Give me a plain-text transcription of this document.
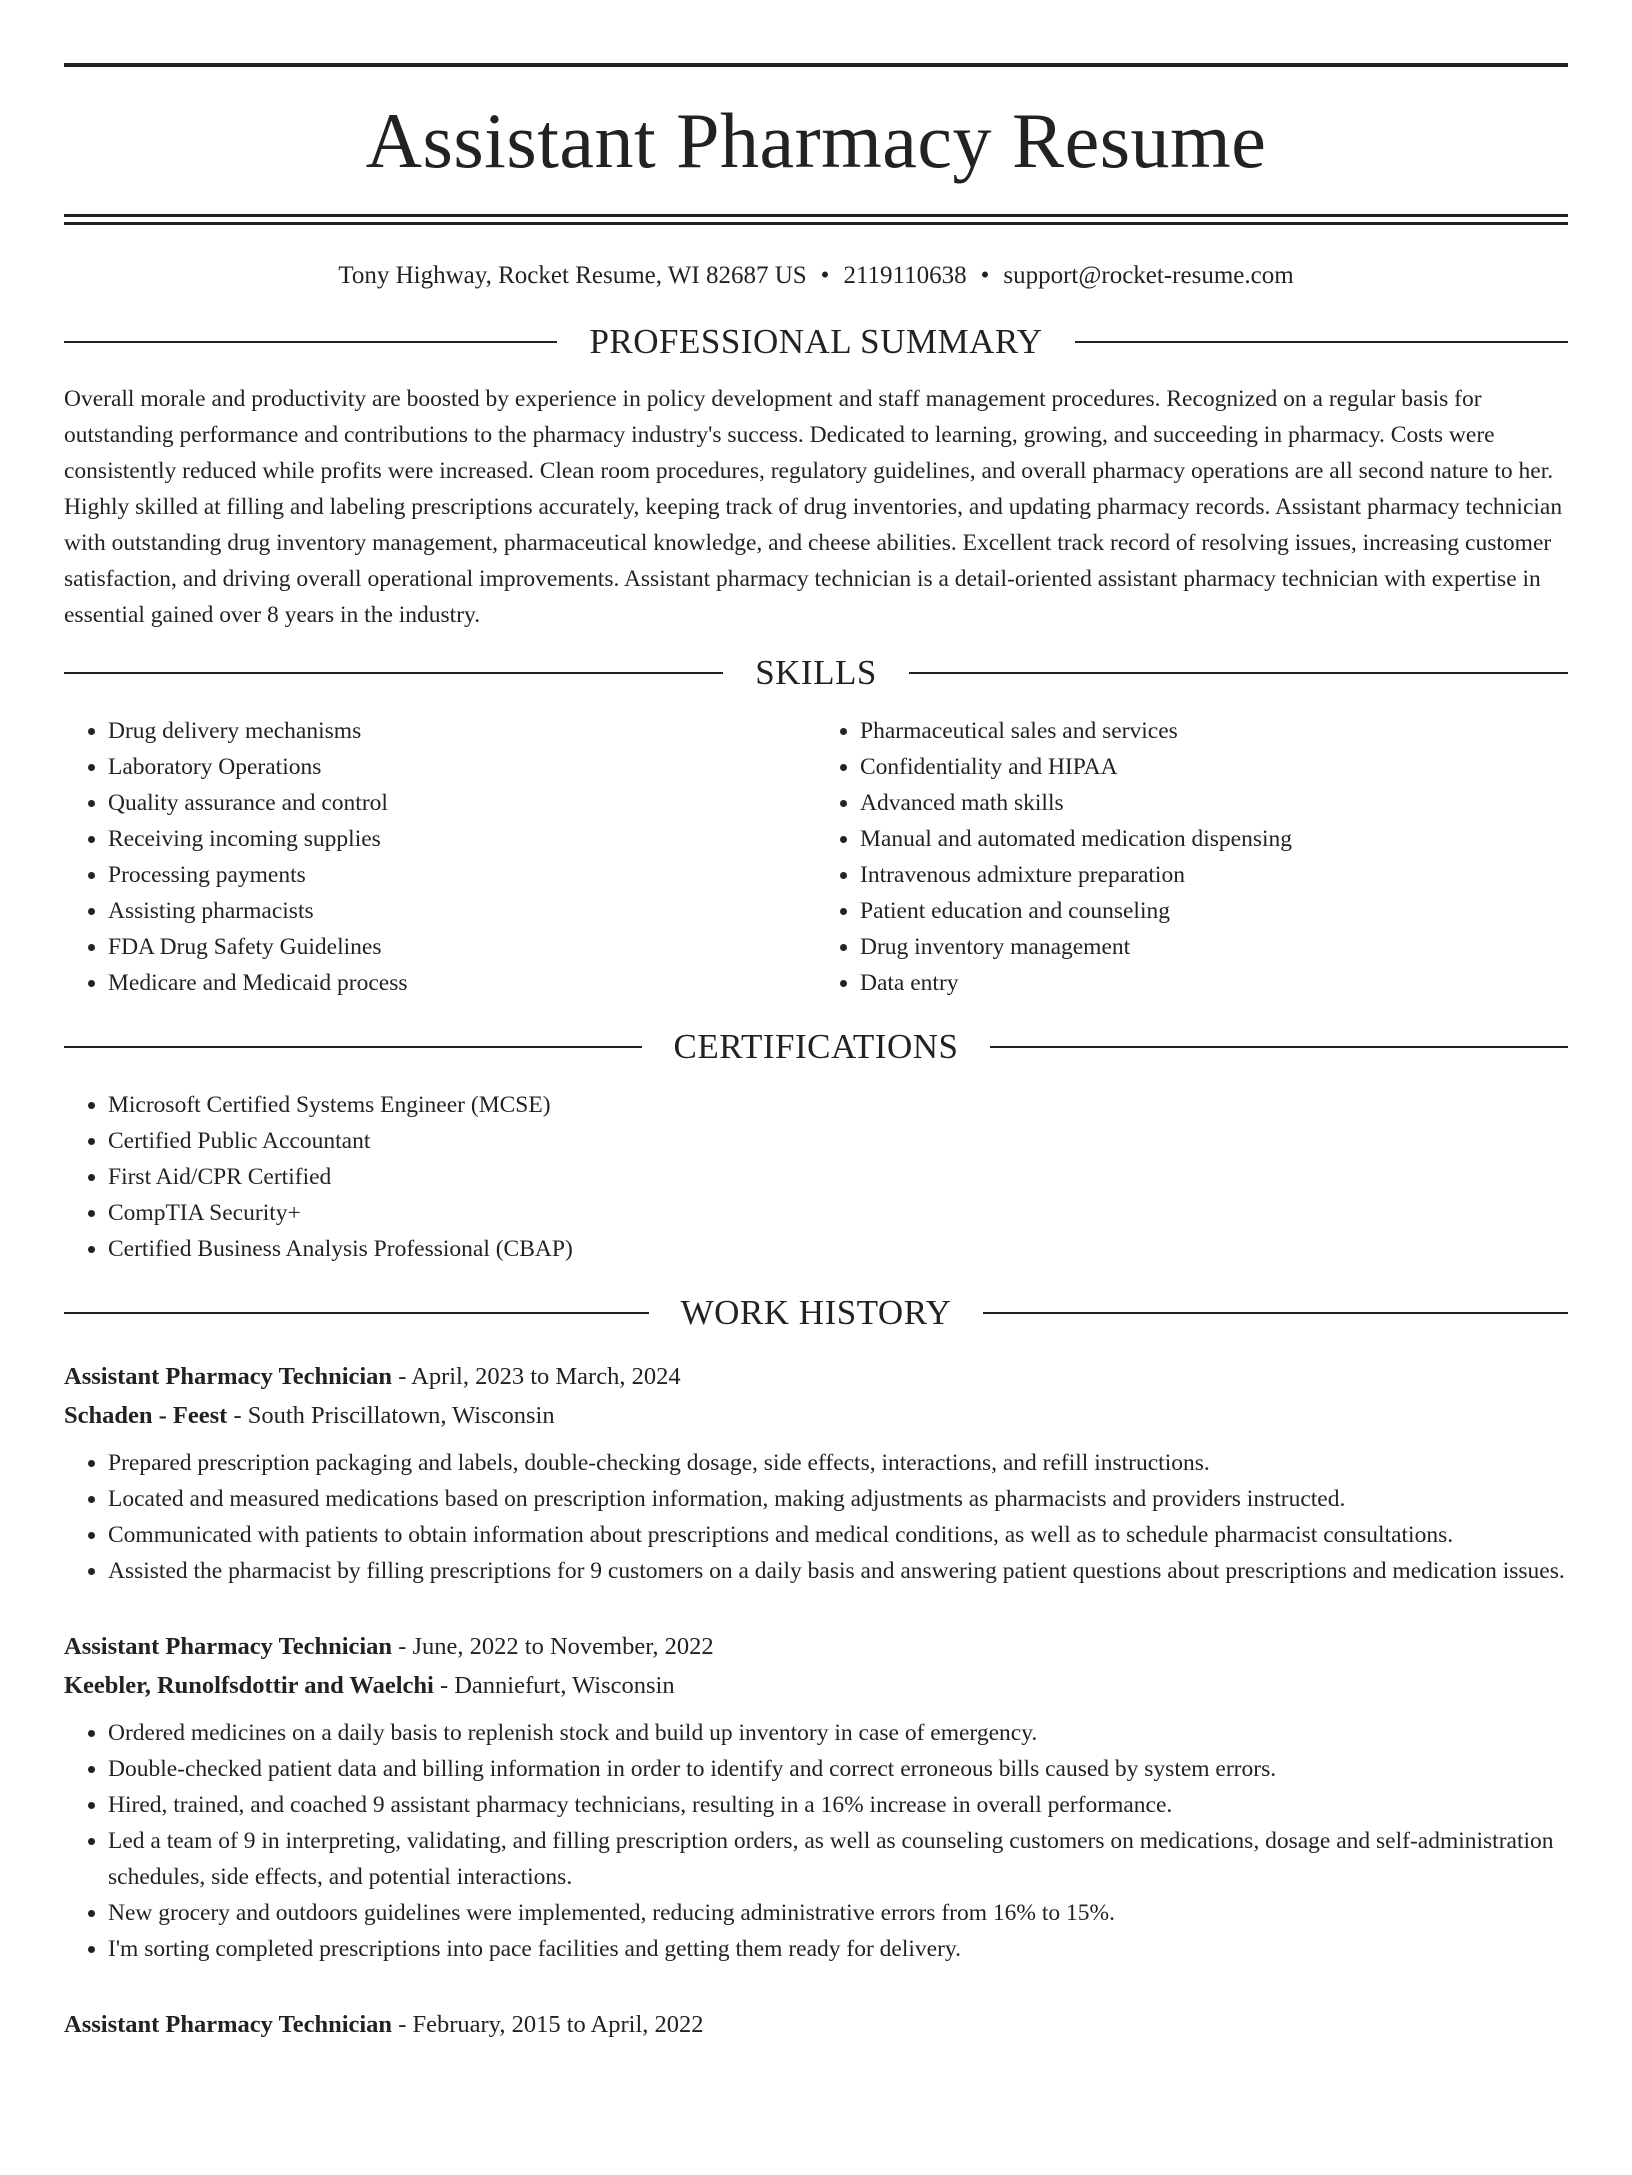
Assistant Pharmacy Resume
Tony Highway, Rocket Resume, WI 82687 US • 2119110638 • support@rocket-resume.com
PROFESSIONAL SUMMARY
Overall morale and productivity are boosted by experience in policy development and staff management procedures. Recognized on a regular basis for outstanding performance and contributions to the pharmacy industry's success. Dedicated to learning, growing, and succeeding in pharmacy. Costs were consistently reduced while profits were increased. Clean room procedures, regulatory guidelines, and overall pharmacy operations are all second nature to her. Highly skilled at filling and labeling prescriptions accurately, keeping track of drug inventories, and updating pharmacy records. Assistant pharmacy technician with outstanding drug inventory management, pharmaceutical knowledge, and cheese abilities. Excellent track record of resolving issues, increasing customer satisfaction, and driving overall operational improvements. Assistant pharmacy technician is a detail-oriented assistant pharmacy technician with expertise in essential gained over 8 years in the industry.
SKILLS
• Drug delivery mechanisms
• Laboratory Operations
• Quality assurance and control
• Receiving incoming supplies
• Processing payments
• Assisting pharmacists
• FDA Drug Safety Guidelines
• Medicare and Medicaid process
• Pharmaceutical sales and services
• Confidentiality and HIPAA
• Advanced math skills
• Manual and automated medication dispensing
• Intravenous admixture preparation
• Patient education and counseling
• Drug inventory management
• Data entry
CERTIFICATIONS
• Microsoft Certified Systems Engineer (MCSE)
• Certified Public Accountant
• First Aid/CPR Certified
• CompTIA Security+
• Certified Business Analysis Professional (CBAP)
WORK HISTORY
Assistant Pharmacy Technician - April, 2023 to March, 2024
Schaden - Feest - South Priscillatown, Wisconsin
• Prepared prescription packaging and labels, double-checking dosage, side effects, interactions, and refill instructions.
• Located and measured medications based on prescription information, making adjustments as pharmacists and providers instructed.
• Communicated with patients to obtain information about prescriptions and medical conditions, as well as to schedule pharmacist consultations.
• Assisted the pharmacist by filling prescriptions for 9 customers on a daily basis and answering patient questions about prescriptions and medication issues.
Assistant Pharmacy Technician - June, 2022 to November, 2022
Keebler, Runolfsdottir and Waelchi - Danniefurt, Wisconsin
• Ordered medicines on a daily basis to replenish stock and build up inventory in case of emergency.
• Double-checked patient data and billing information in order to identify and correct erroneous bills caused by system errors.
• Hired, trained, and coached 9 assistant pharmacy technicians, resulting in a 16% increase in overall performance.
• Led a team of 9 in interpreting, validating, and filling prescription orders, as well as counseling customers on medications, dosage and self-administration schedules, side effects, and potential interactions.
• New grocery and outdoors guidelines were implemented, reducing administrative errors from 16% to 15%.
• I'm sorting completed prescriptions into pace facilities and getting them ready for delivery.
Assistant Pharmacy Technician - February, 2015 to April, 2022
